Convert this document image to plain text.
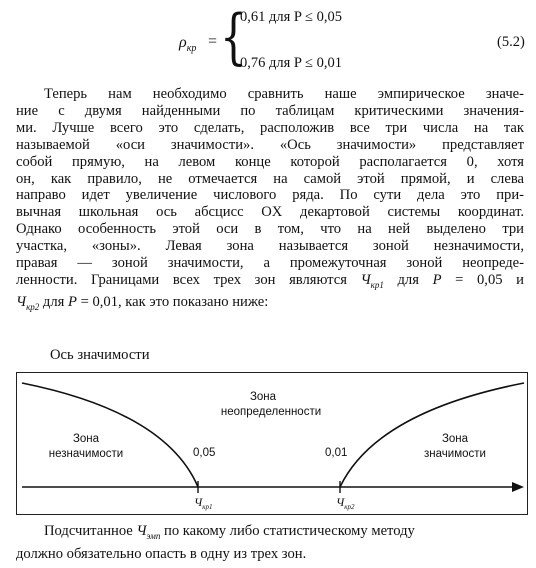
$\rho_{кр}$ = {
0,61 для P ≤ 0,05
0,76 для P ≤ 0,01
(5.2)
Теперь нам необходимо сравнить наше эмпирическое значе-
ние с двумя найденными по таблицам критическими значения-
ми. Лучше всего это сделать, расположив все три числа на так
называемой «оси значимости». «Ось значимости» представляет
собой прямую, на левом конце которой располагается 0, хотя
он, как правило, не отмечается на самой этой прямой, и слева
направо идет увеличение числового ряда. По сути дела это при-
вычная школьная ось абсцисс OX декартовой системы координат.
Однако особенность этой оси в том, что на ней выделено три
участка, «зоны». Левая зона называется зоной незначимости,
правая — зоной значимости, а промежуточная зоной неопреде-
ленности. Границами всех трех зон являются $Ч_{кр1}$ для P = 0,05 и
$Ч_{кр2}$ для P = 0,01, как это показано ниже:
Ось значимости
Зона
неопределенности
Зона
незначимости
Зона
значимости
0,05	0,01
$Ч_{кр1}$	$Ч_{кр2}$
Подсчитанное $Ч_{эмп}$ по какому либо статистическому методу
должно обязательно опасть в одну из трех зон.
